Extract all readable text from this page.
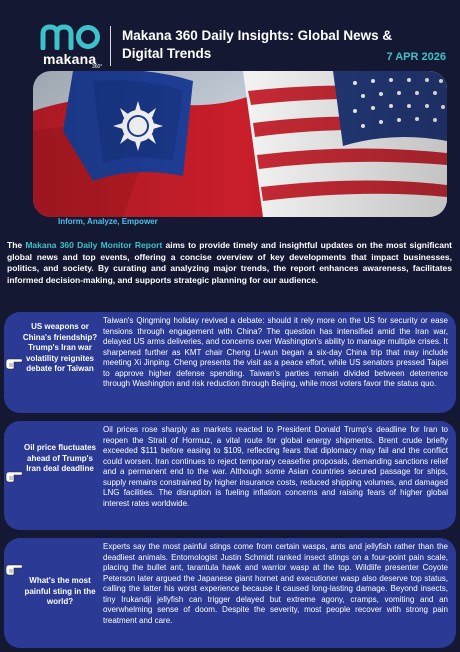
makana
360°
Makana 360 Daily Insights: Global News & Digital Trends	7 APR 2026
Inform, Analyze, Empower
The Makana 360 Daily Monitor Report aims to provide timely and insightful updates on the most significant global news and top events, offering a concise overview of key developments that impact businesses, politics, and society. By curating and analyzing major trends, the report enhances awareness, facilitates informed decision-making, and supports strategic planning for our audience.
US weapons or China's friendship? Trump's Iran war volatility reignites debate for Taiwan
Taiwan's Qingming holiday revived a debate: should it rely more on the US for security or ease tensions through engagement with China? The question has intensified amid the Iran war, delayed US arms deliveries, and concerns over Washington's ability to manage multiple crises. It sharpened further as KMT chair Cheng Li-wun began a six-day China trip that may include meeting Xi Jinping. Cheng presents the visit as a peace effort, while US senators pressed Taipei to approve higher defense spending. Taiwan's parties remain divided between deterrence through Washington and risk reduction through Beijing, while most voters favor the status quo.
Oil price fluctuates ahead of Trump's Iran deal deadline
Oil prices rose sharply as markets reacted to President Donald Trump's deadline for Iran to reopen the Strait of Hormuz, a vital route for global energy shipments. Brent crude briefly exceeded $111 before easing to $109, reflecting fears that diplomacy may fail and the conflict could worsen. Iran continues to reject temporary ceasefire proposals, demanding sanctions relief and a permanent end to the war. Although some Asian countries secured passage for ships, supply remains constrained by higher insurance costs, reduced shipping volumes, and damaged LNG facilities. The disruption is fueling inflation concerns and raising fears of higher global interest rates worldwide.
What's the most painful sting in the world?
Experts say the most painful stings come from certain wasps, ants and jellyfish rather than the deadliest animals. Entomologist Justin Schmidt ranked insect stings on a four-point pain scale, placing the bullet ant, tarantula hawk and warrior wasp at the top. Wildlife presenter Coyote Peterson later argued the Japanese giant hornet and executioner wasp also deserve top status, calling the latter his worst experience because it caused long-lasting damage. Beyond insects, tiny Irukandji jellyfish can trigger delayed but extreme agony, cramps, vomiting and an overwhelming sense of doom. Despite the severity, most people recover with strong pain treatment and care.
